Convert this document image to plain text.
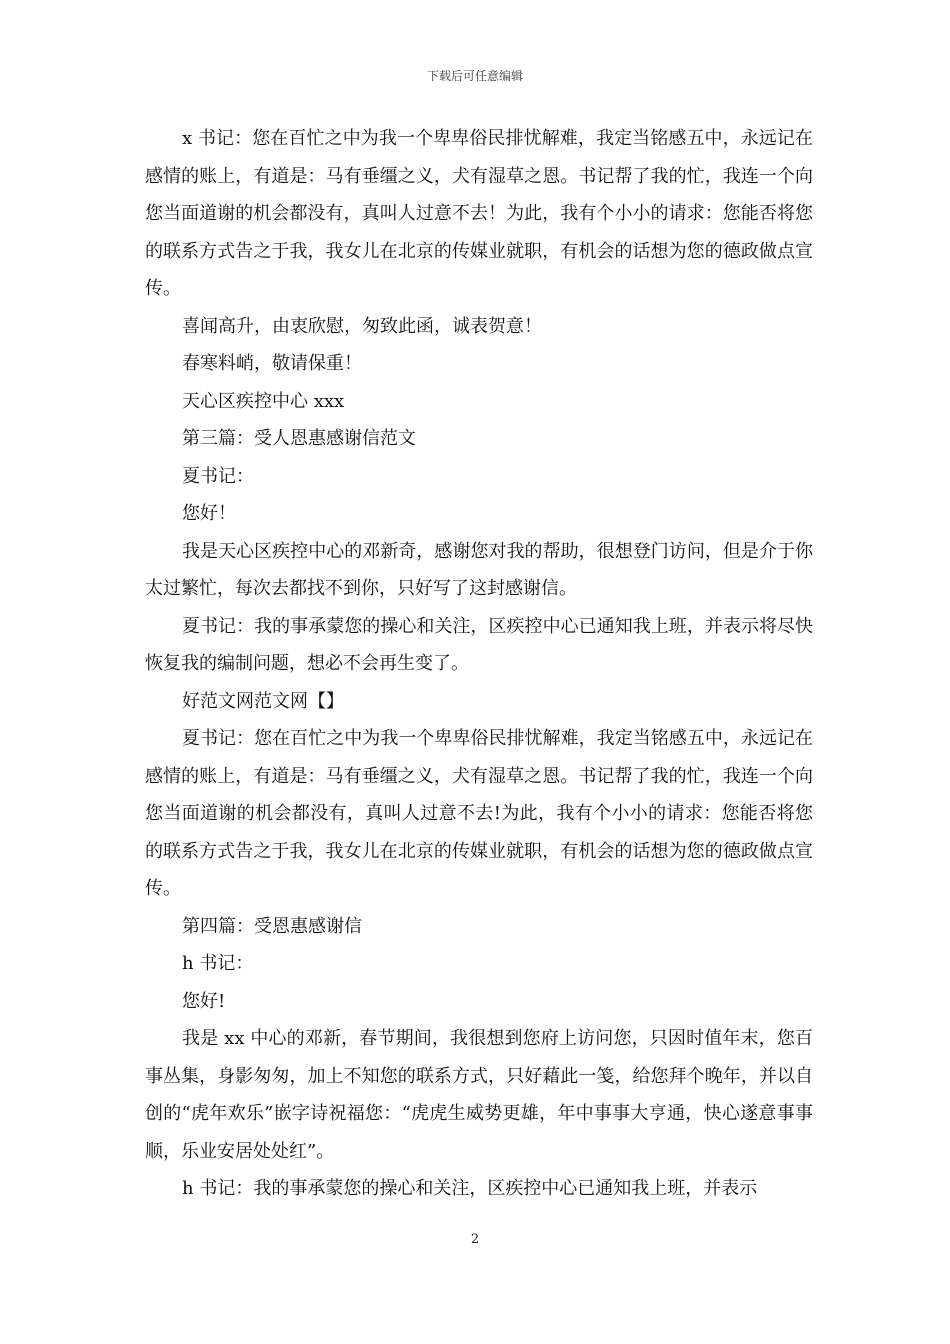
下载后可任意编辑

x 书记：您在百忙之中为我一个卑卑俗民排忧解难，我定当铭感五中，永远记在感情的账上，有道是：马有垂缰之义，犬有湿草之恩。书记帮了我的忙，我连一个向您当面道谢的机会都没有，真叫人过意不去！为此，我有个小小的请求：您能否将您的联系方式告之于我，我女儿在北京的传媒业就职，有机会的话想为您的德政做点宣传。

喜闻高升，由衷欣慰，匆致此函，诚表贺意！

春寒料峭，敬请保重！

天心区疾控中心 xxx

第三篇：受人恩惠感谢信范文

夏书记：

您好！

我是天心区疾控中心的邓新奇，感谢您对我的帮助，很想登门访问，但是介于你太过繁忙，每次去都找不到你，只好写了这封感谢信。

夏书记：我的事承蒙您的操心和关注，区疾控中心已通知我上班，并表示将尽快恢复我的编制问题，想必不会再生变了。

好范文网范文网【】

夏书记：您在百忙之中为我一个卑卑俗民排忧解难，我定当铭感五中，永远记在感情的账上，有道是：马有垂缰之义，犬有湿草之恩。书记帮了我的忙，我连一个向您当面道谢的机会都没有，真叫人过意不去!为此，我有个小小的请求：您能否将您的联系方式告之于我，我女儿在北京的传媒业就职，有机会的话想为您的德政做点宣传。

第四篇：受恩惠感谢信

h 书记：

您好!

我是 xx 中心的邓新，春节期间，我很想到您府上访问您，只因时值年末，您百事丛集，身影匆匆，加上不知您的联系方式，只好藉此一笺，给您拜个晚年，并以自创的“虎年欢乐”嵌字诗祝福您：“虎虎生威势更雄，年中事事大亨通，快心遂意事事顺，乐业安居处处红”。

h 书记：我的事承蒙您的操心和关注，区疾控中心已通知我上班，并表示

2
